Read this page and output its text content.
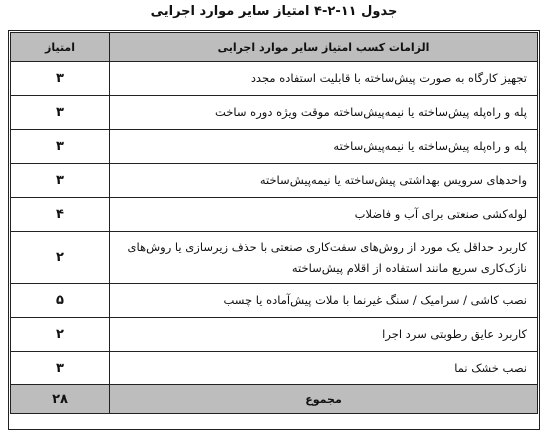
جدول ۱۱-۲-۴ امتیاز سایر موارد اجرایی
الزامات کسب امتیاز سایر موارد اجرایی	امتیاز
تجهیز کارگاه به صورت پیش‌ساخته با قابلیت استفاده مجدد	۳
پله و راه‌پله پیش‌ساخته یا نیمه‌پیش‌ساخته موقت ویژه دوره ساخت	۳
پله و راه‌پله پیش‌ساخته یا نیمه‌پیش‌ساخته	۳
واحدهای سرویس بهداشتی پیش‌ساخته یا نیمه‌پیش‌ساخته	۳
لوله‌کشی صنعتی برای آب و فاضلاب	۴
کاربرد حداقل یک مورد از روش‌های سفت‌کاری صنعتی با حذف زیرسازی یا روش‌های نازک‌کاری سریع مانند استفاده از اقلام پیش‌ساخته	۲
نصب کاشی / سرامیک / سنگ غیرنما با ملات پیش‌آماده یا چسب	۵
کاربرد عایق رطوبتی سرد اجرا	۲
نصب خشک نما	۳
مجموع	۲۸
